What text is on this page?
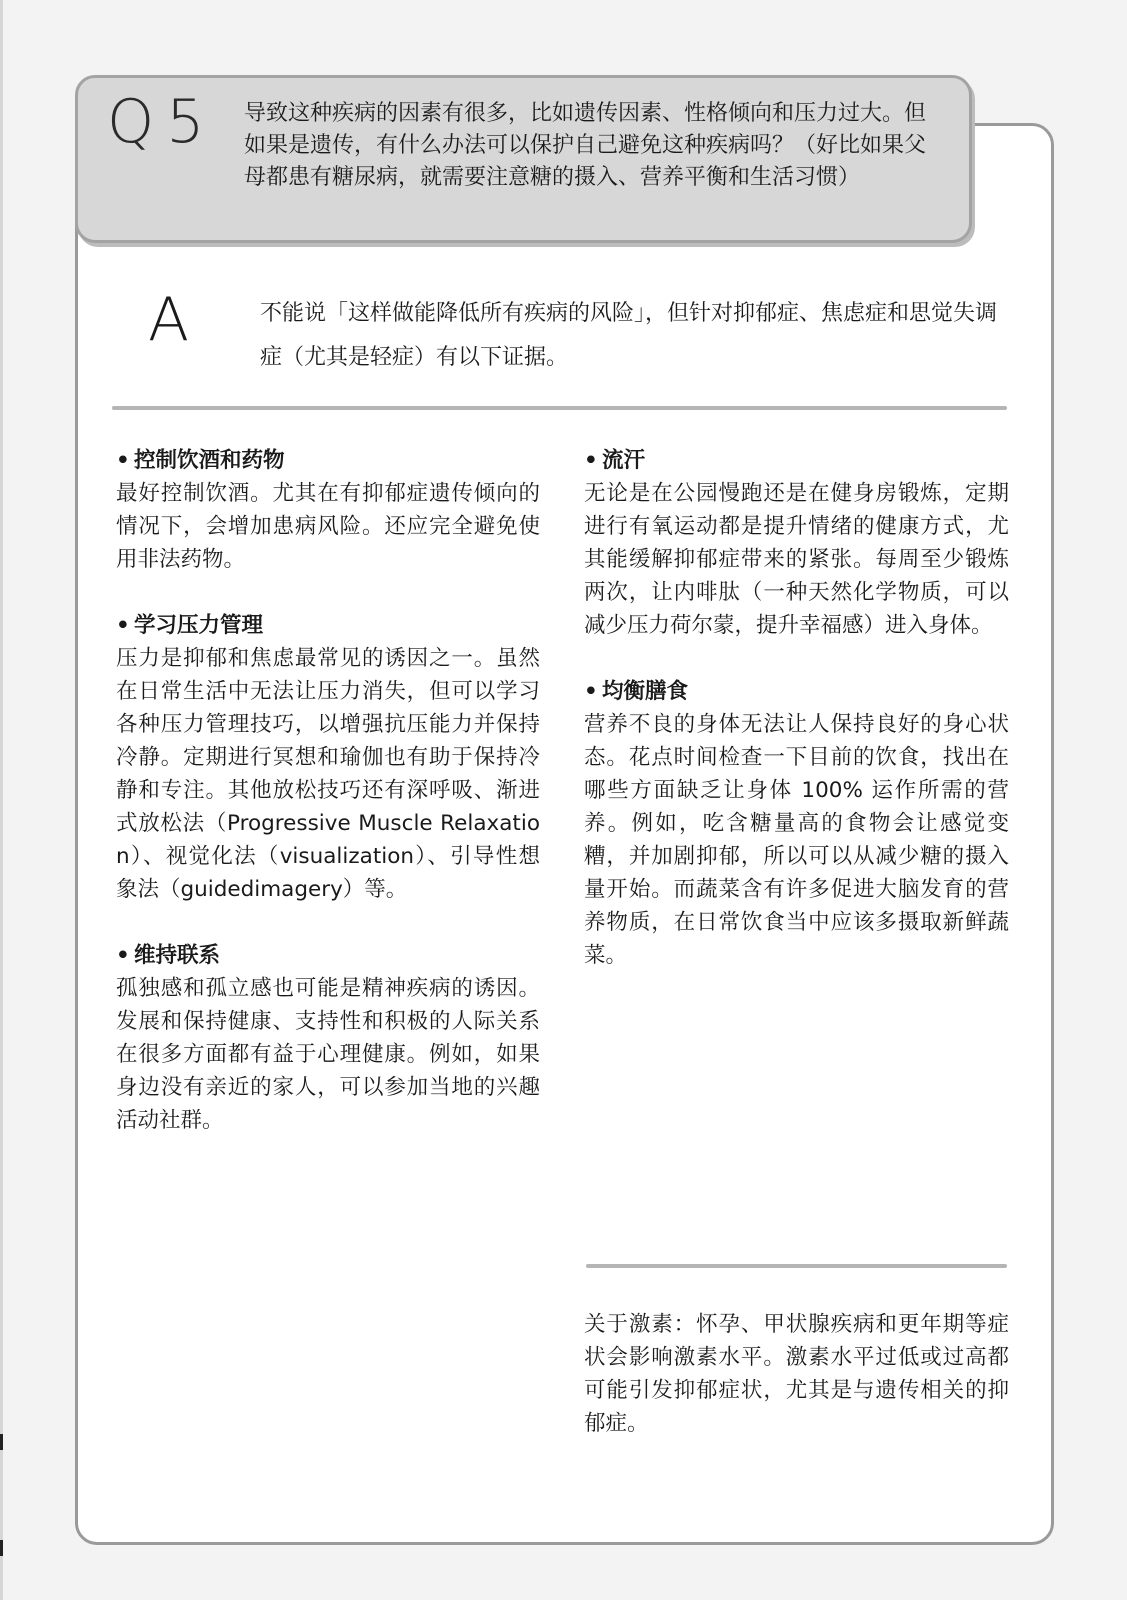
Q5 导致这种疾病的因素有很多，比如遗传因素、性格倾向和压力过大。但如果是遗传，有什么办法可以保护自己避免这种疾病吗？（好比如果父母都患有糖尿病，就需要注意糖的摄入、营养平衡和生活习惯）
A	不能说「这样做能降低所有疾病的风险」，但针对抑郁症、焦虑症和思觉失调症（尤其是轻症）有以下证据。
• 控制饮酒和药物

最好控制饮酒。尤其在有抑郁症遗传倾向的情况下，会增加患病风险。还应完全避免使用非法药物。

• 学习压力管理

压力是抑郁和焦虑最常见的诱因之一。虽然在日常生活中无法让压力消失，但可以学习各种压力管理技巧，以增强抗压能力并保持冷静。定期进行冥想和瑜伽也有助于保持冷静和专注。其他放松技巧还有深呼吸、渐进式放松法（Progressive Muscle Relaxation）、视觉化法（visualization）、引导性想象法（guidedimagery）等。

• 维持联系

孤独感和孤立感也可能是精神疾病的诱因。发展和保持健康、支持性和积极的人际关系在很多方面都有益于心理健康。例如，如果身边没有亲近的家人，可以参加当地的兴趣活动社群。

• 流汗

无论是在公园慢跑还是在健身房锻炼，定期进行有氧运动都是提升情绪的健康方式，尤其能缓解抑郁症带来的紧张。每周至少锻炼两次，让内啡肽（一种天然化学物质，可以减少压力荷尔蒙，提升幸福感）进入身体。

• 均衡膳食

营养不良的身体无法让人保持良好的身心状态。花点时间检查一下目前的饮食，找出在哪些方面缺乏让身体 100% 运作所需的营养。例如，吃含糖量高的食物会让感觉变糟，并加剧抑郁，所以可以从减少糖的摄入量开始。而蔬菜含有许多促进大脑发育的营养物质，在日常饮食当中应该多摄取新鲜蔬菜。

关于激素：怀孕、甲状腺疾病和更年期等症状会影响激素水平。激素水平过低或过高都可能引发抑郁症状，尤其是与遗传相关的抑郁症。
